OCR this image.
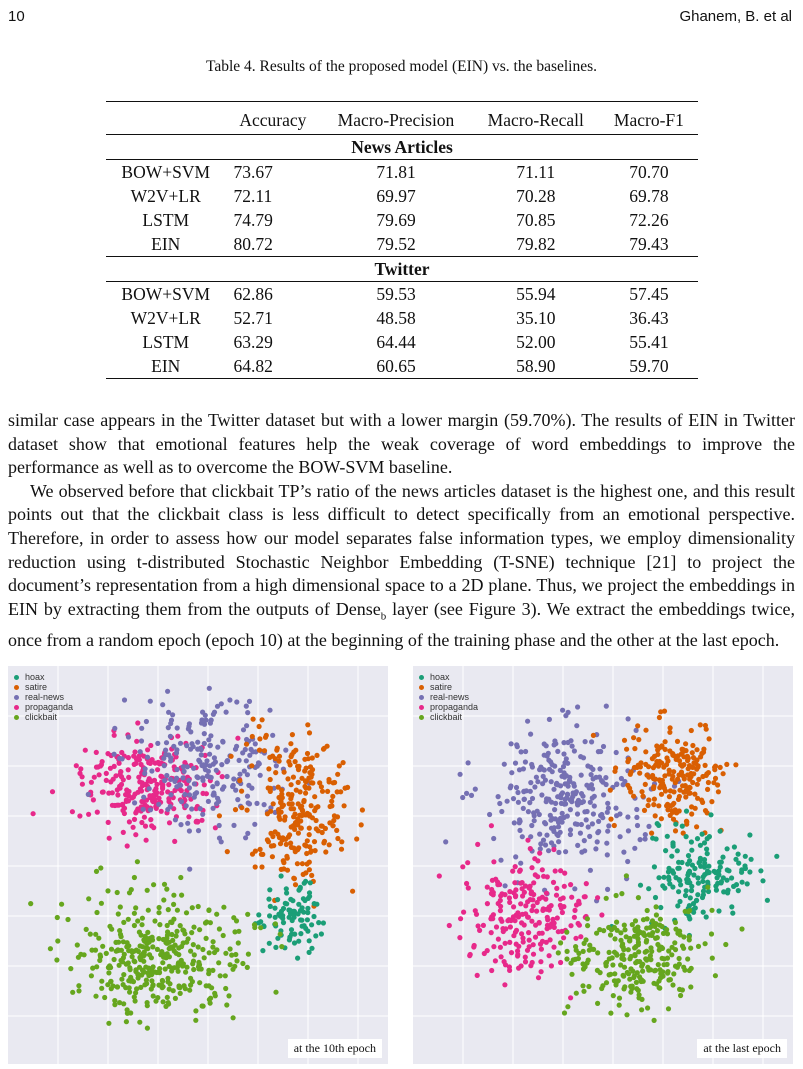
10	Ghanem, B. et al
Table 4. Results of the proposed model (EIN) vs. the baselines.
	Accuracy	Macro-Precision	Macro-Recall	Macro-F1
News Articles				
BOW+SVM	73.67	71.81	71.11	70.70
W2V+LR	72.11	69.97	70.28	69.78
LSTM	74.79	79.69	70.85	72.26
EIN	80.72	79.52	79.82	79.43
Twitter				
BOW+SVM	62.86	59.53	55.94	57.45
W2V+LR	52.71	48.58	35.10	36.43
LSTM	63.29	64.44	52.00	55.41
EIN	64.82	60.65	58.90	59.70

similar case appears in the Twitter dataset but with a lower margin (59.70%). The results of EIN in Twitter dataset show that emotional features help the weak coverage of word embeddings to improve the performance as well as to overcome the BOW-SVM baseline.

We observed before that clickbait TP’s ratio of the news articles dataset is the highest one, and this result points out that the clickbait class is less difficult to detect specifically from an emotional perspective. Therefore, in order to assess how our model separates false information types, we employ dimensionality reduction using t-distributed Stochastic Neighbor Embedding (T-SNE) technique [21] to project the document’s representation from a high dimensional space to a 2D plane. Thus, we project the embeddings in EIN by extracting them from the outputs of Dense$_b$ layer (see Figure 3). We extract the embeddings twice, once from a random epoch (epoch 10) at the beginning of the training phase and the other at the last epoch.

hoax
satire
real-news
propaganda
clickbait
at the 10th epoch
hoax
satire
real-news
propaganda
clickbait
at the last epoch
